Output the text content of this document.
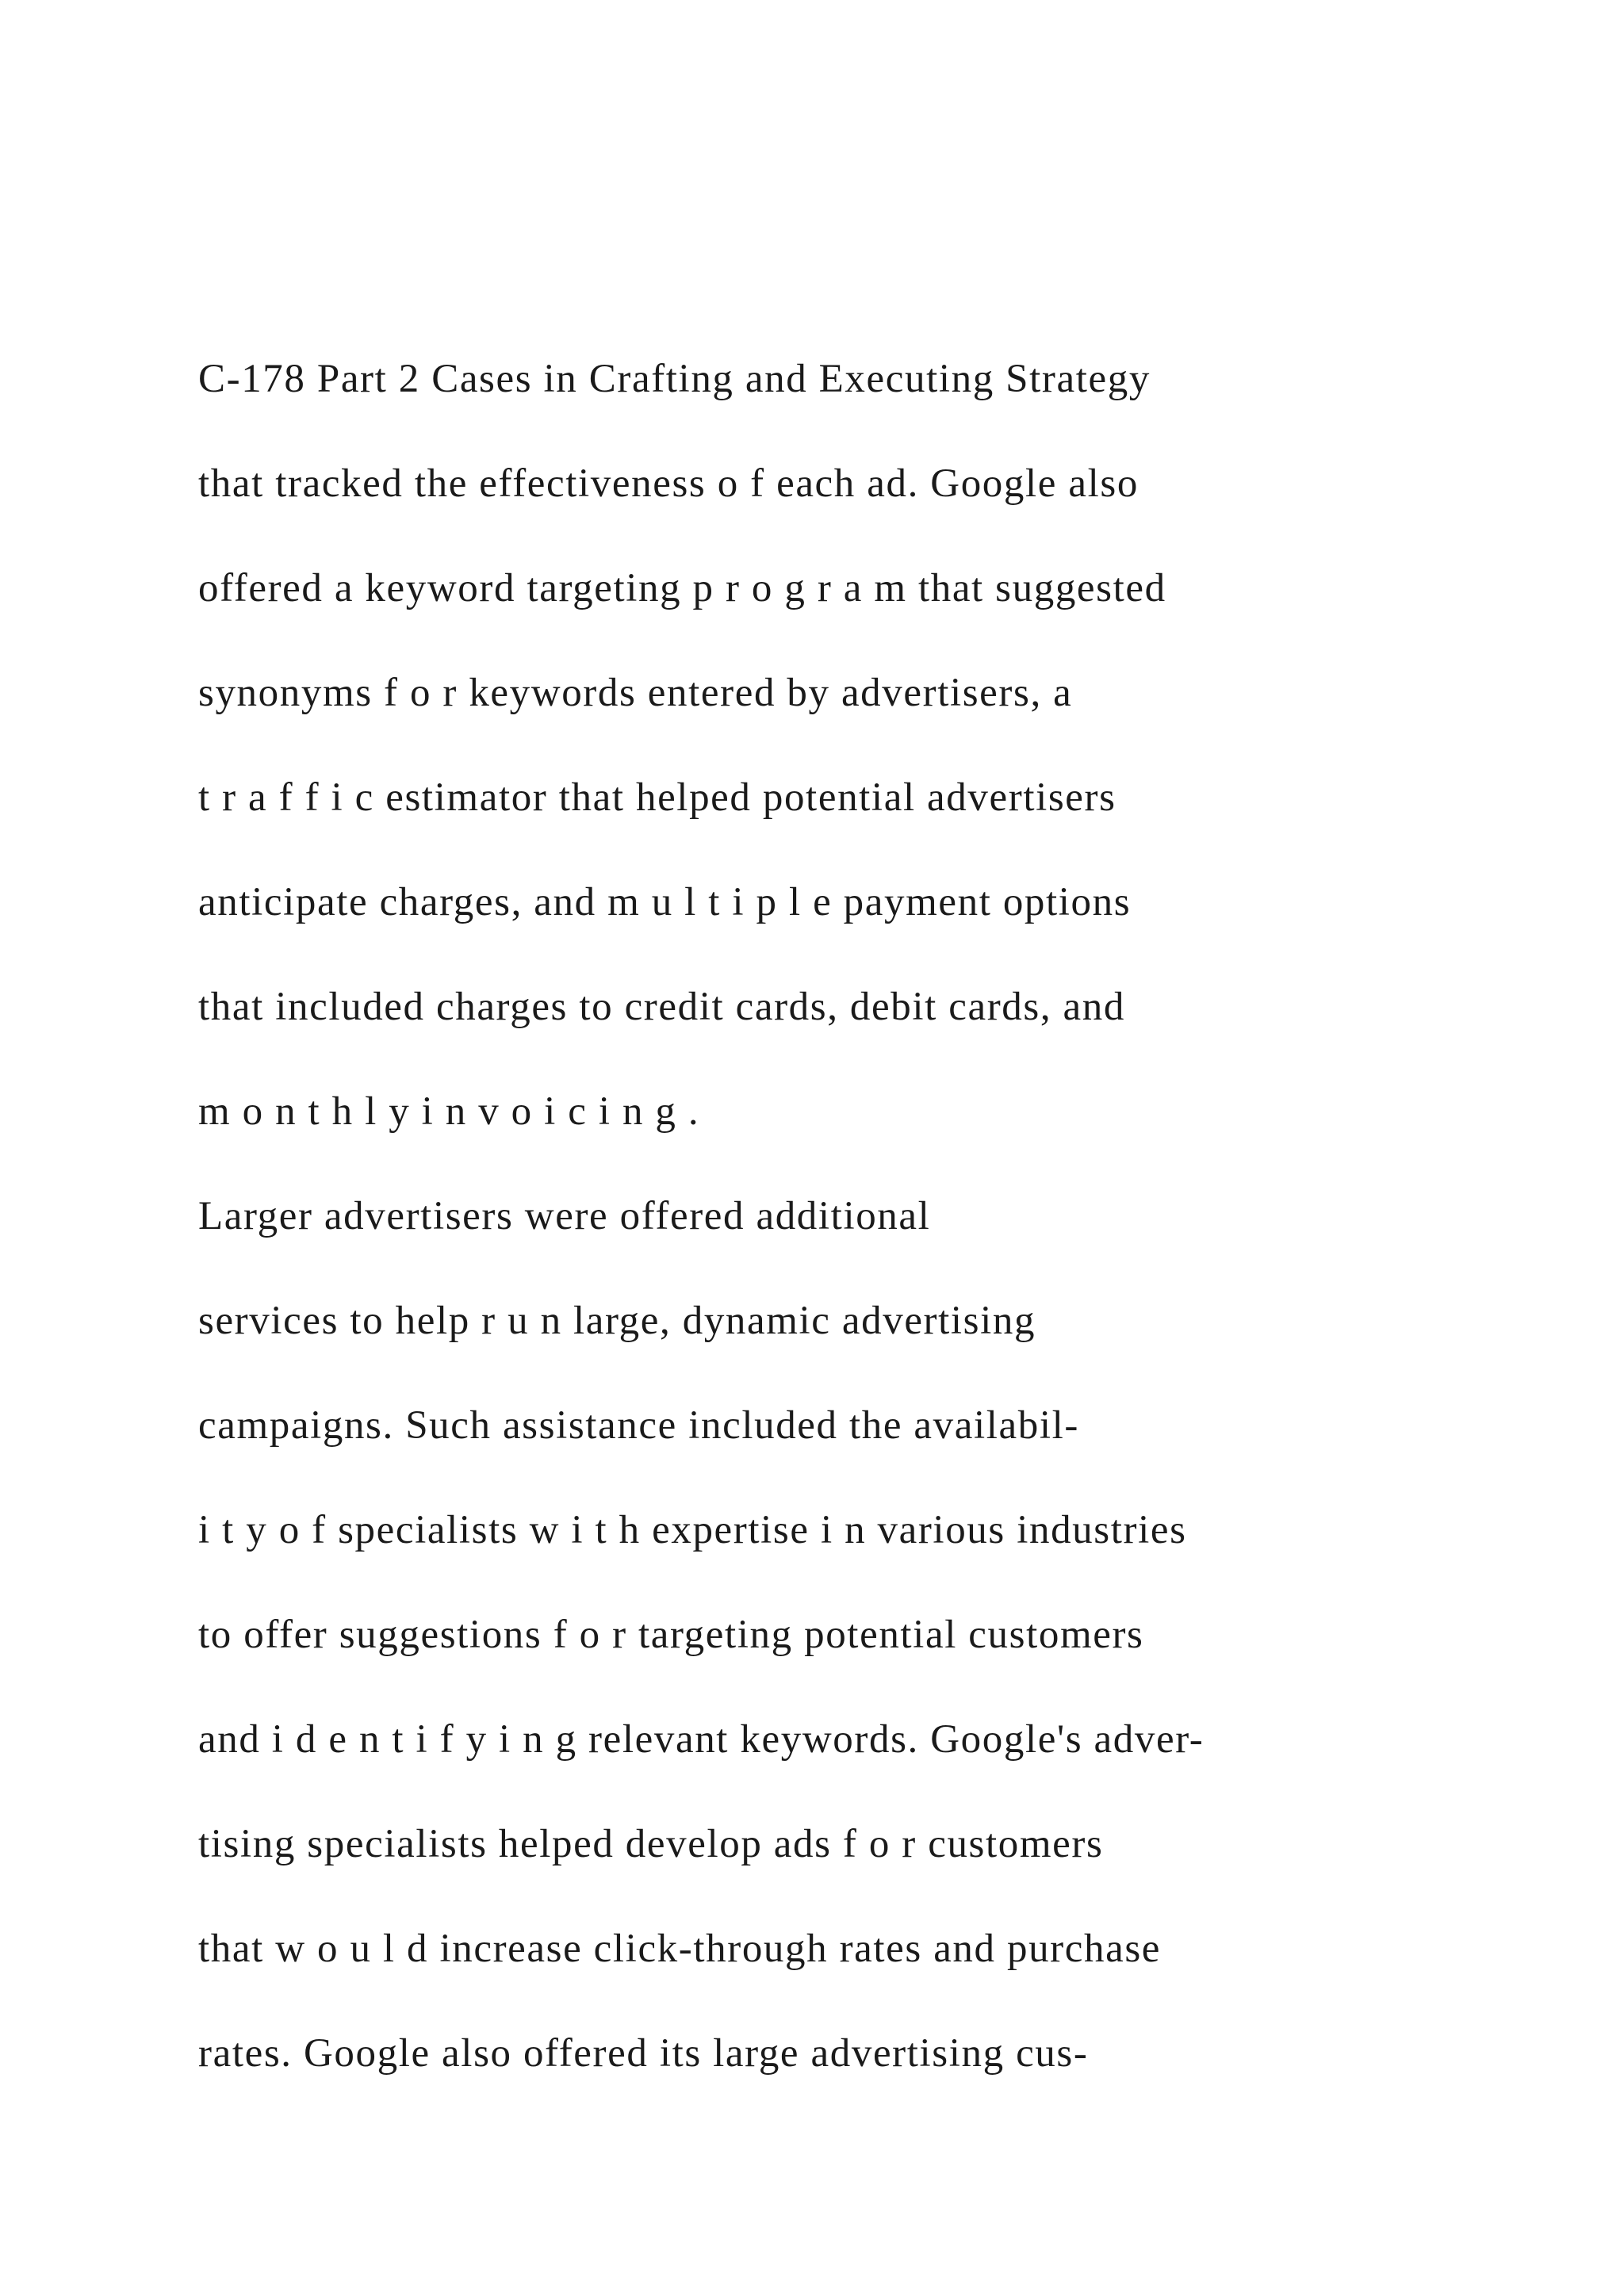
C-178 Part 2 Cases in Crafting and Executing Strategy

that tracked the effectiveness o f each ad. Google also

offered a keyword targeting p r o g r a m that suggested

synonyms f o r keywords entered by advertisers, a

t r a f f i c estimator that helped potential advertisers

anticipate charges, and m u l t i p l e payment options

that included charges to credit cards, debit cards, and

m o n t h l y i n v o i c i n g .

Larger advertisers were offered additional

services to help r u n large, dynamic advertising

campaigns. Such assistance included the availabil-

i t y o f specialists w i t h expertise i n various industries

to offer suggestions f o r targeting potential customers

and i d e n t i f y i n g relevant keywords. Google's adver-

tising specialists helped develop ads f o r customers

that w o u l d increase click-through rates and purchase

rates. Google also offered its large advertising cus-
